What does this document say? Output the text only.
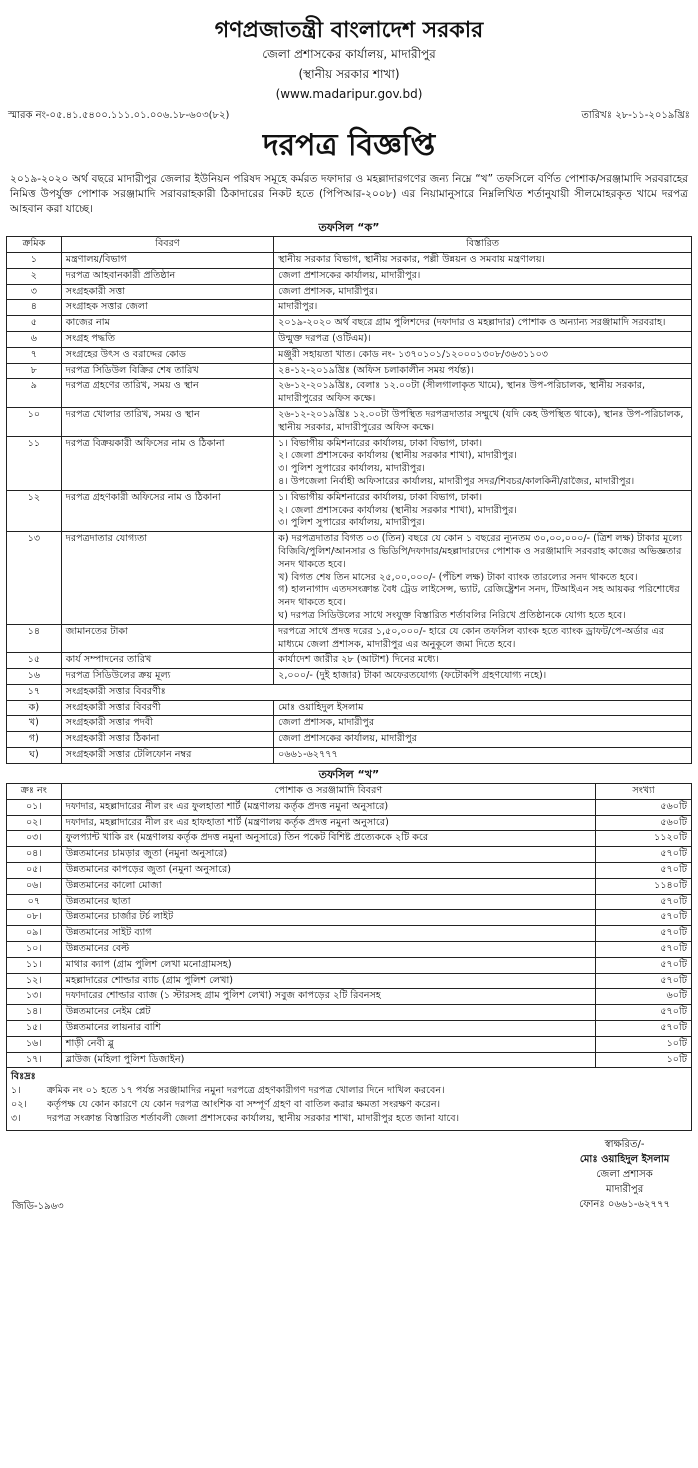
গণপ্রজাতন্ত্রী বাংলাদেশ সরকার
জেলা প্রশাসকের কার্যালয়, মাদারীপুর
(স্থানীয় সরকার শাখা)
(www.madaripur.gov.bd)
স্মারক নং-০৫.৪১.৫৪০০.১১১.০১.০০৬.১৮-৬০৩(৮২)	তারিখঃ ২৮-১১-২০১৯খ্রিঃ
দরপত্র বিজ্ঞপ্তি

২০১৯-২০২০ অর্থ বছরে মাদারীপুর জেলার ইউনিয়ন পরিষদ সমূহে কর্মরত দফাদার ও মহল্লাদারগণের জন্য নিম্নে “খ” তফসিলে বর্ণিত পোশাক/সরঞ্জামাদি সরবরাহের নিমিত্ত উপর্যুক্ত পোশাক সরঞ্জামাদি সরাবরাহকারী ঠিকাদারের নিকট হতে (পিপিআর-২০০৮) এর নিয়ামানুসারে নিম্নলিখিত শর্তানুযায়ী সীলমোহরকৃত খামে দরপত্র আহবান করা যাচ্ছে।

তফসিল “ক”
ক্রমিক	বিবরণ	বিস্তারিত
১	মন্ত্রণালয়/বিভাগ	স্থানীয় সরকার বিভাগ, স্থানীয় সরকার, পল্লী উন্নয়ন ও সমবায় মন্ত্রণালয়।
২	দরপত্র আহবানকারী প্রতিষ্ঠান	জেলা প্রশাসকের কার্যালয়, মাদারীপুর।
৩	সংগ্রহকারী সত্তা	জেলা প্রশাসক, মাদারীপুর।
৪	সংগ্রাহক সত্তার জেলা	মাদারীপুর।
৫	কাজের নাম	২০১৯-২০২০ অর্থ বছরে গ্রাম পুলিশদের (দফাদার ও মহল্লাদার) পোশাক ও অন্যান্য সরঞ্জামাদি সরবরাহ।
৬	সংগ্রহ পদ্ধতি	উন্মুক্ত দরপত্র (ওটিএম)।
৭	সংগ্রহের উৎস ও বরাদ্দের কোড	মঞ্জুরী সহায়তা খাত। কোড নং- ১৩৭০১০১/১২০০০১৩০৮/৩৬৩১১০৩
৮	দরপত্র সিডিউল বিক্রির শেষ তারিখ	২৪-১২-২০১৯খ্রিঃ (অফিস চলাকালীন সময় পর্যন্ত)।
৯	দরপত্র গ্রহণের তারিখ, সময় ও স্থান	২৬-১২-২০১৯খ্রিঃ, বেলাঃ ১২.০০টা (সীলগালাকৃত খামে), স্থানঃ উপ-পরিচালক, স্থানীয় সরকার, মাদারীপুরের অফিস কক্ষে।
১০	দরপত্র খোলার তারিখ, সময় ও স্থান	২৬-১২-২০১৯খ্রিঃ ১২.০০টা উপস্থিত দরপত্রদাতার সম্মুখে (যদি কেহ উপস্থিত থাকে), স্থানঃ উপ-পরিচালক, স্থানীয় সরকার, মাদারীপুরের অফিস কক্ষে।
১১	দরপত্র বিক্রয়কারী অফিসের নাম ও ঠিকানা	১। বিভাগীয় কমিশনারের কার্যালয়, ঢাকা বিভাগ, ঢাকা।
২। জেলা প্রশাসকের কার্যালয় (স্থানীয় সরকার শাখা), মাদারীপুর।
৩। পুলিশ সুপারের কার্যালয়, মাদারীপুর।
৪। উপজেলা নির্বাহী অফিসারের কার্যালয়, মাদারীপুর সদর/শিবচর/কালকিনী/রাজৈর, মাদারীপুর।

১২	দরপত্র গ্রহণকারী অফিসের নাম ও ঠিকানা	১। বিভাগীয় কমিশনারের কার্যালয়, ঢাকা বিভাগ, ঢাকা।
২। জেলা প্রশাসকের কার্যালয় (স্থানীয় সরকার শাখা), মাদারীপুর।
৩। পুলিশ সুপারের কার্যালয়, মাদারীপুর।

১৩	দরপত্রদাতার যোগ্যতা	ক) দরপত্রদাতার বিগত ০৩ (তিন) বছরে যে কোন ১ বছরের ন্যূনতম ৩০,০০,০০০/- (ত্রিশ লক্ষ) টাকার মূল্যে বিজিবি/পুলিশ/আনসার ও ভিডিপি/দফাদার/মহল্লাদারদের পোশাক ও সরঞ্জামাদি সরবরাহ কাজের অভিজ্ঞতার সনদ থাকতে হবে।
খ) বিগত শেষ তিন মাসের ২৫,০০,০০০/- (পঁচিশ লক্ষ) টাকা ব্যাংক তারল্যের সনদ থাকতে হবে।
গ) হালনাগাদ এতদসংক্রান্ত বৈধ ট্রেড লাইসেন্স, ভ্যাট, রেজিষ্ট্রেশন সনদ, টিআইএন সহ আয়কর পরিশোধের সনদ থাকতে হবে।
ঘ) দরপত্র সিডিউলের সাথে সংযুক্ত বিস্তারিত শর্তাবলির নিরিখে প্রতিষ্ঠানকে যোগ্য হতে হবে।

১৪	জামানতের টাকা	দরপত্রে সাথে প্রদত্ত দরের ১,৫০,০০০/- হারে যে কোন তফসিল ব্যাংক হতে ব্যাংক ড্রাফট/পে-অর্ডার এর মাধ্যমে জেলা প্রশাসক, মাদারীপুর এর অনুকূলে জমা দিতে হবে।
১৫	কার্য সম্পাদনের তারিখ	কার্যাদেশ জারীর ২৮ (আটাশ) দিনের মধ্যে।
১৬	দরপত্র সিডিউলের ক্রয় মূল্য	২,০০০/- (দুই হাজার) টাকা অফেরতযোগ্য (ফটোকপি গ্রহণযোগ্য নহে)।
১৭	সংগ্রহকারী সত্তার বিবরণীঃ	
ক)	সংগ্রহকারী সত্তার বিবরণী	মোঃ ওয়াহিদুল ইসলাম
খ)	সংগ্রহকারী সত্তার পদবী	জেলা প্রশাসক, মাদারীপুর
গ)	সংগ্রহকারী সত্তার ঠিকানা	জেলা প্রশাসকের কার্যালয়, মাদারীপুর
ঘ)	সংগ্রহকারী সত্তার টেলিফোন নম্বর	০৬৬১-৬২৭৭৭
তফসিল “খ”
ক্রঃ নং	পোশাক ও সরঞ্জামাদি বিবরণ	সংখ্যা
০১।	দফাদার, মহল্লাদারের নীল রং এর ফুলহাতা শার্ট (মন্ত্রণালয় কর্তৃক প্রদত্ত নমুনা অনুসারে)	৫৬০টি
০২।	দফাদার, মহল্লাদারের নীল রং এর হাফহাতা শার্ট (মন্ত্রণালয় কর্তৃক প্রদত্ত নমুনা অনুসারে)	৫৬০টি
০৩।	ফুলপ্যান্ট খাকি রং (মন্ত্রণালয় কর্তৃক প্রদত্ত নমুনা অনুসারে) তিন পকেট বিশিষ্ট প্রত্যেককে ২টি করে	১১২০টি
০৪।	উন্নতমানের চামড়ার জুতা (নমুনা অনুসারে)	৫৭০টি
০৫।	উন্নতমানের কাপড়ের জুতা (নমুনা অনুসারে)	৫৭০টি
০৬।	উন্নতমানের কালো মোজা	১১৪০টি
০৭	উন্নতমানের ছাতা	৫৭০টি
০৮।	উন্নতমানের চার্জার টর্চ লাইট	৫৭০টি
০৯।	উন্নতমানের সাইট ব্যাগ	৫৭০টি
১০।	উন্নতমানের বেল্ট	৫৭০টি
১১।	মাথার ক্যাপ (গ্রাম পুলিশ লেখা মনোগ্রামসহ)	৫৭০টি
১২।	মহল্লাদারের শোল্ডার ব্যাচ (গ্রাম পুলিশ লেখা)	৫৭০টি
১৩।	দফাদারের শোল্ডার ব্যাজ (১ স্টারসহ গ্রাম পুলিশ লেখা) সবুজ কাপড়ের ২টি রিবনসহ	৬০টি
১৪।	উন্নতমানের নেইম প্লেট	৫৭০টি
১৫।	উন্নতমানের লায়নার বাশি	৫৭০টি
১৬।	শাড়ী নেবী ব্লু	১০টি
১৭।	ব্লাউজ (মহিলা পুলিশ ডিজাইন)	১০টি
বিঃদ্রঃ
১।	ক্রমিক নং ০১ হতে ১৭ পর্যন্ত সরঞ্জামাদির নমুনা দরপত্রে গ্রহণকারীগণ দরপত্র খোলার দিনে দাখিল করবেন।
০২।	কর্তৃপক্ষ যে কোন কারণে যে কোন দরপত্র আংশিক বা সম্পূর্ণ গ্রহণ বা বাতিল করার ক্ষমতা সংরক্ষণ করেন।
৩।	দরপত্র সংক্রান্ত বিস্তারিত শর্তাবলী জেলা প্রশাসকের কার্যালয়, স্থানীয় সরকার শাখা, মাদারীপুর হতে জানা যাবে।
স্বাক্ষরিত/-
মোঃ ওয়াহিদুল ইসলাম
জেলা প্রশাসক
মাদারীপুর
ফোনঃ ০৬৬১-৬২৭৭৭
জিডি-১৯৬৩
